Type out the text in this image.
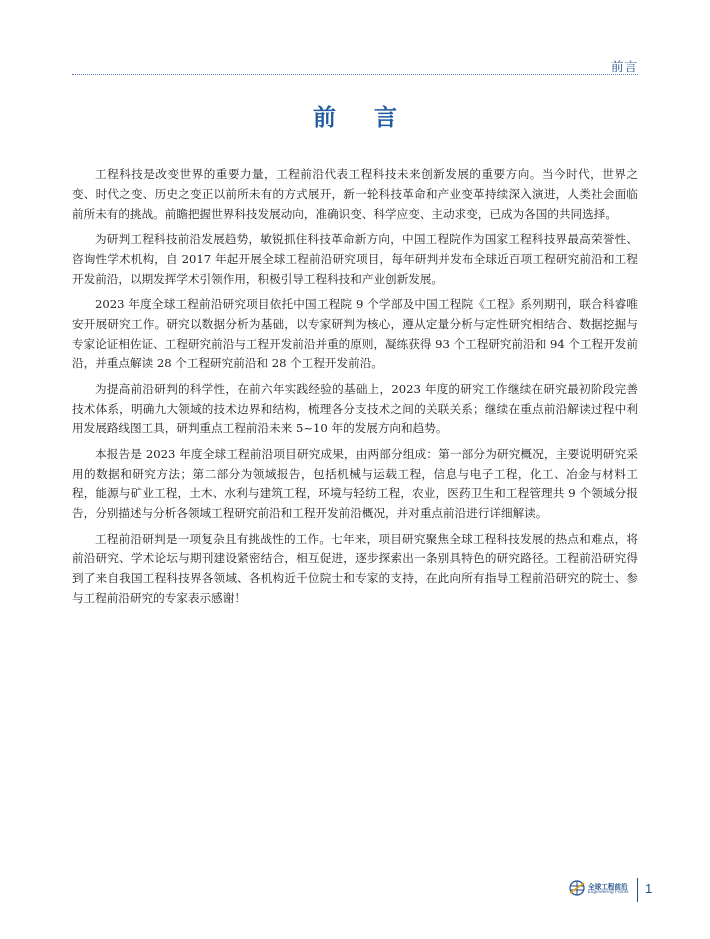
前言
前言

工程科技是改变世界的重要力量，工程前沿代表工程科技未来创新发展的重要方向。当今时代，世界之变、时代之变、历史之变正以前所未有的方式展开，新一轮科技革命和产业变革持续深入演进，人类社会面临前所未有的挑战。前瞻把握世界科技发展动向，准确识变、科学应变、主动求变，已成为各国的共同选择。

为研判工程科技前沿发展趋势，敏锐抓住科技革命新方向，中国工程院作为国家工程科技界最高荣誉性、咨询性学术机构，自 2017 年起开展全球工程前沿研究项目，每年研判并发布全球近百项工程研究前沿和工程开发前沿，以期发挥学术引领作用，积极引导工程科技和产业创新发展。

2023 年度全球工程前沿研究项目依托中国工程院 9 个学部及中国工程院《工程》系列期刊，联合科睿唯安开展研究工作。研究以数据分析为基础，以专家研判为核心，遵从定量分析与定性研究相结合、数据挖掘与专家论证相佐证、工程研究前沿与工程开发前沿并重的原则，凝练获得 93 个工程研究前沿和 94 个工程开发前沿，并重点解读 28 个工程研究前沿和 28 个工程开发前沿。

为提高前沿研判的科学性，在前六年实践经验的基础上，2023 年度的研究工作继续在研究最初阶段完善技术体系，明确九大领域的技术边界和结构，梳理各分支技术之间的关联关系；继续在重点前沿解读过程中利用发展路线图工具，研判重点工程前沿未来 5~10 年的发展方向和趋势。

本报告是 2023 年度全球工程前沿项目研究成果，由两部分组成：第一部分为研究概况，主要说明研究采用的数据和研究方法；第二部分为领域报告，包括机械与运载工程，信息与电子工程，化工、冶金与材料工程，能源与矿业工程，土木、水利与建筑工程，环境与轻纺工程，农业，医药卫生和工程管理共 9 个领域分报告，分别描述与分析各领域工程研究前沿和工程开发前沿概况，并对重点前沿进行详细解读。

工程前沿研判是一项复杂且有挑战性的工作。七年来，项目研究聚焦全球工程科技发展的热点和难点，将前沿研究、学术论坛与期刊建设紧密结合，相互促进，逐步探索出一条别具特色的研究路径。工程前沿研究得到了来自我国工程科技界各领域、各机构近千位院士和专家的支持，在此向所有指导工程前沿研究的院士、参与工程前沿研究的专家表示感谢！

全球工程前沿
Engineering Fronts 1
